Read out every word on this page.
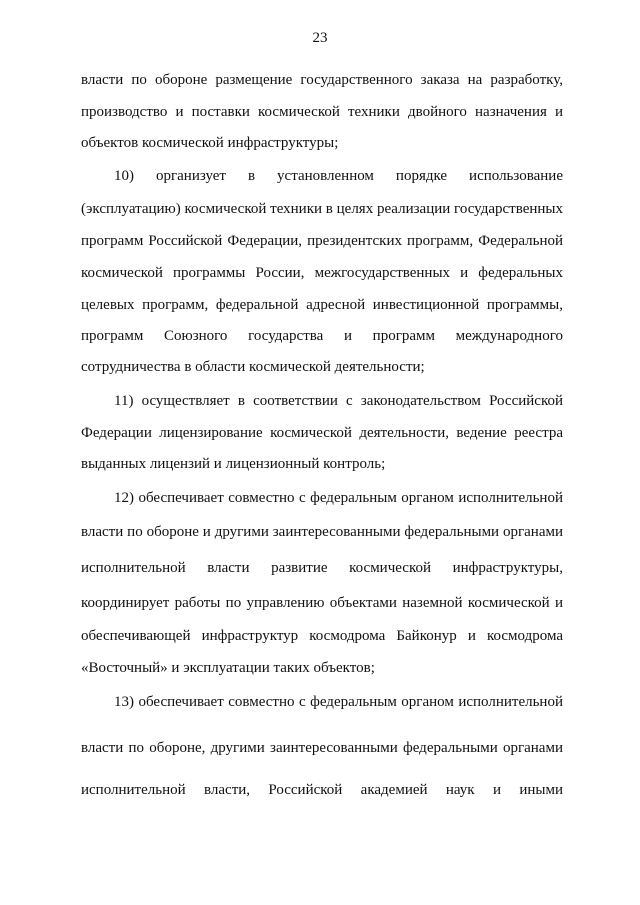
23
власти по обороне размещение государственного заказа на разработку,
производство и поставки космической техники двойного назначения и
объектов космической инфраструктуры;
10) организует в установленном порядке использование
(эксплуатацию) космической техники в целях реализации государственных
программ Российской Федерации, президентских программ, Федеральной
космической программы России, межгосударственных и федеральных
целевых программ, федеральной адресной инвестиционной программы,
программ Союзного государства и программ международного
сотрудничества в области космической деятельности;
11) осуществляет в соответствии с законодательством Российской
Федерации лицензирование космической деятельности, ведение реестра
выданных лицензий и лицензионный контроль;
12) обеспечивает совместно с федеральным органом исполнительной
власти по обороне и другими заинтересованными федеральными органами
исполнительной власти развитие космической инфраструктуры,
координирует работы по управлению объектами наземной космической и
обеспечивающей инфраструктур космодрома Байконур и космодрома
«Восточный» и эксплуатации таких объектов;
13) обеспечивает совместно с федеральным органом исполнительной
власти по обороне, другими заинтересованными федеральными органами
исполнительной власти, Российской академией наук и иными
